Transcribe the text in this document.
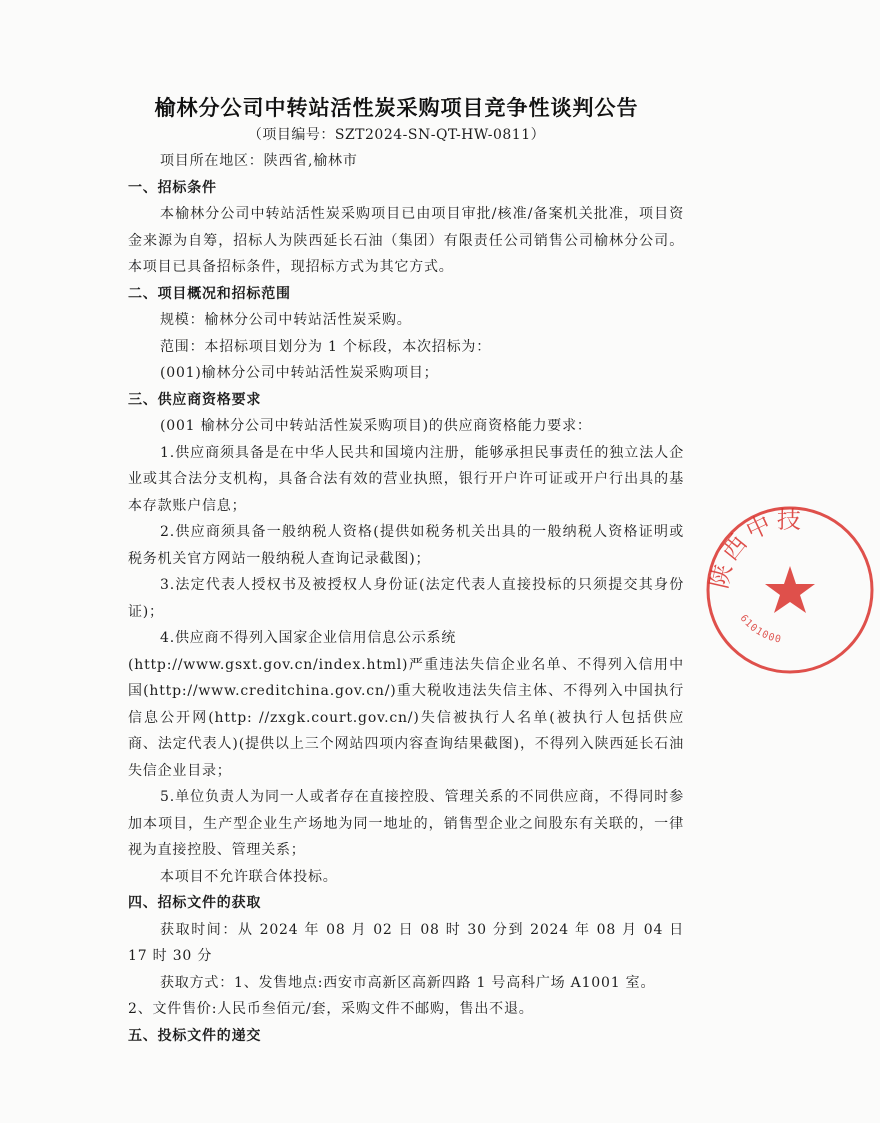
榆林分公司中转站活性炭采购项目竞争性谈判公告
（项目编号：SZT2024-SN-QT-HW-0811）

项目所在地区：陕西省,榆林市

一、招标条件

本榆林分公司中转站活性炭采购项目已由项目审批/核准/备案机关批准，项目资金来源为自筹，招标人为陕西延长石油（集团）有限责任公司销售公司榆林分公司。本项目已具备招标条件，现招标方式为其它方式。

二、项目概况和招标范围

规模：榆林分公司中转站活性炭采购。

范围：本招标项目划分为 1 个标段，本次招标为：

(001)榆林分公司中转站活性炭采购项目；

三、供应商资格要求

(001 榆林分公司中转站活性炭采购项目)的供应商资格能力要求：

1.供应商须具备是在中华人民共和国境内注册，能够承担民事责任的独立法人企业或其合法分支机构，具备合法有效的营业执照，银行开户许可证或开户行出具的基本存款账户信息；

2.供应商须具备一般纳税人资格(提供如税务机关出具的一般纳税人资格证明或税务机关官方网站一般纳税人查询记录截图)；

3.法定代表人授权书及被授权人身份证(法定代表人直接投标的只须提交其身份证)；

4.供应商不得列入国家企业信用信息公示系统

(http://www.gsxt.gov.cn/index.html)严重违法失信企业名单、不得列入信用中国(http://www.creditchina.gov.cn/)重大税收违法失信主体、不得列入中国执行信息公开网(http: //zxgk.court.gov.cn/)失信被执行人名单(被执行人包括供应商、法定代表人)(提供以上三个网站四项内容查询结果截图)，不得列入陕西延长石油失信企业目录；

5.单位负责人为同一人或者存在直接控股、管理关系的不同供应商，不得同时参加本项目，生产型企业生产场地为同一地址的，销售型企业之间股东有关联的，一律视为直接控股、管理关系；

本项目不允许联合体投标。

四、招标文件的获取

获取时间：从 2024 年 08 月 02 日 08 时 30 分到 2024 年 08 月 04 日 17 时 30 分

获取方式：1、发售地点:西安市高新区高新四路 1 号高科广场 A1001 室。

2、文件售价:人民币叁佰元/套，采购文件不邮购，售出不退。

五、投标文件的递交

陕西中技
6101000
